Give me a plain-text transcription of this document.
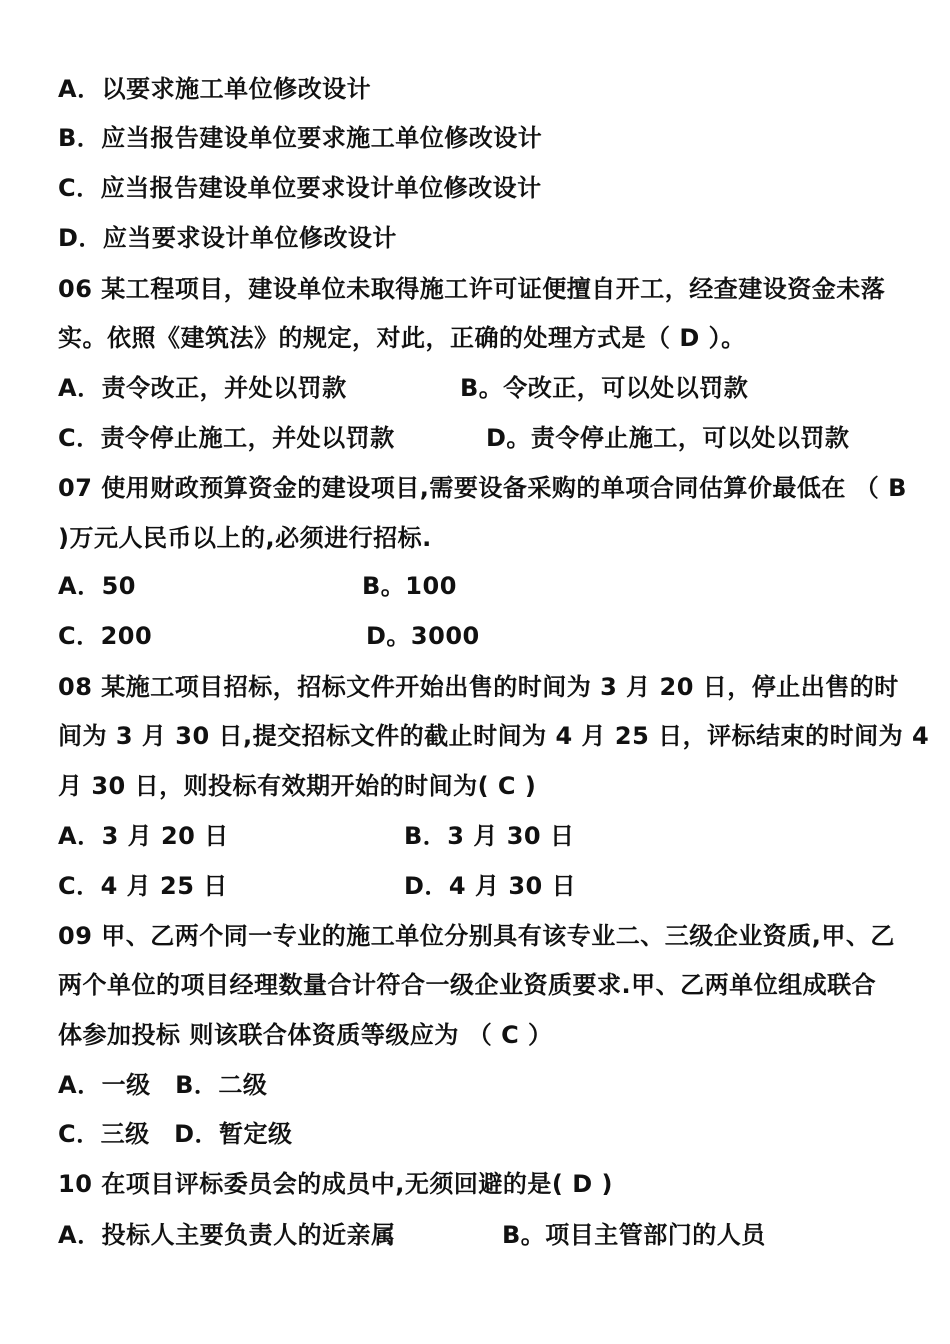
A．以要求施工单位修改设计
B．应当报告建设单位要求施工单位修改设计
C．应当报告建设单位要求设计单位修改设计
D．应当要求设计单位修改设计
06 某工程项目，建设单位未取得施工许可证便擅自开工，经查建设资金未落
实。依照《建筑法》的规定，对此，正确的处理方式是（ D ）。
A．责令改正，并处以罚款	B。令改正，可以处以罚款
C．责令停止施工，并处以罚款	D。责令停止施工，可以处以罚款
07 使用财政预算资金的建设项目,需要设备采购的单项合同估算价最低在 （ B
)万元人民币以上的,必须进行招标.
A．50	B。100
C．200	D。3000
08 某施工项目招标，招标文件开始出售的时间为 3 月 20 日，停止出售的时
间为 3 月 30 日,提交招标文件的截止时间为 4 月 25 日，评标结束的时间为 4
月 30 日，则投标有效期开始的时间为( C )
A．3 月 20 日	B．3 月 30 日
C．4 月 25 日	D．4 月 30 日
09 甲、乙两个同一专业的施工单位分别具有该专业二、三级企业资质,甲、乙
两个单位的项目经理数量合计符合一级企业资质要求.甲、乙两单位组成联合
体参加投标 则该联合体资质等级应为 （ C ）
A．一级　B．二级
C．三级　D．暂定级
10 在项目评标委员会的成员中,无须回避的是( D )
A．投标人主要负责人的近亲属	B。项目主管部门的人员
